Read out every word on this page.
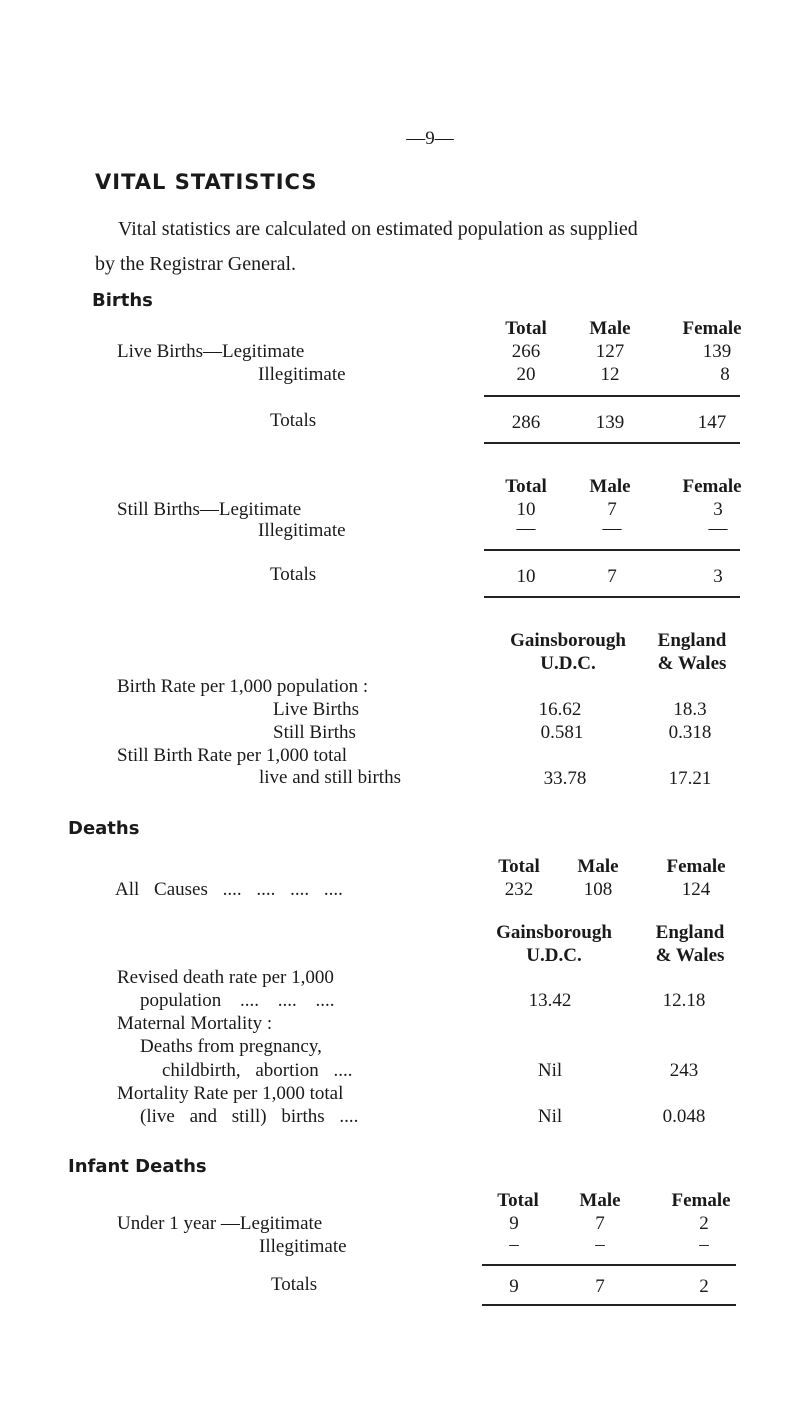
—9—
VITAL STATISTICS
Vital statistics are calculated on estimated population as supplied
by the Registrar General.
Births
Total Male	Female
Live Births—Legitimate	266	127	139
Illegitimate	20	12	8
Totals	286	139	147
Total Male	Female
Still Births—Legitimate	10	7	3
Illegitimate	—	—	—
Totals	10	7	3
Gainsborough
U.D.C.
England
& Wales
Birth Rate per 1,000 population :
Live Births	16.62	18.3
Still Births	0.581	0.318
Still Birth Rate per 1,000 total
live and still births	33.78	17.21
Deaths
Total Male	Female
All Causes .... .... .... ....	232	108	124
Gainsborough
U.D.C.
England
& Wales
Revised death rate per 1,000
population .... .... ....	13.42	12.18
Maternal Mortality :
Deaths from pregnancy,
childbirth, abortion ....	Nil	243
Mortality Rate per 1,000 total
(live and still) births ....	Nil	0.048
Infant Deaths
Total Male	Female
Under 1 year —Legitimate	9	7	2
Illegitimate	–	–	–
Totals	9	7	2
